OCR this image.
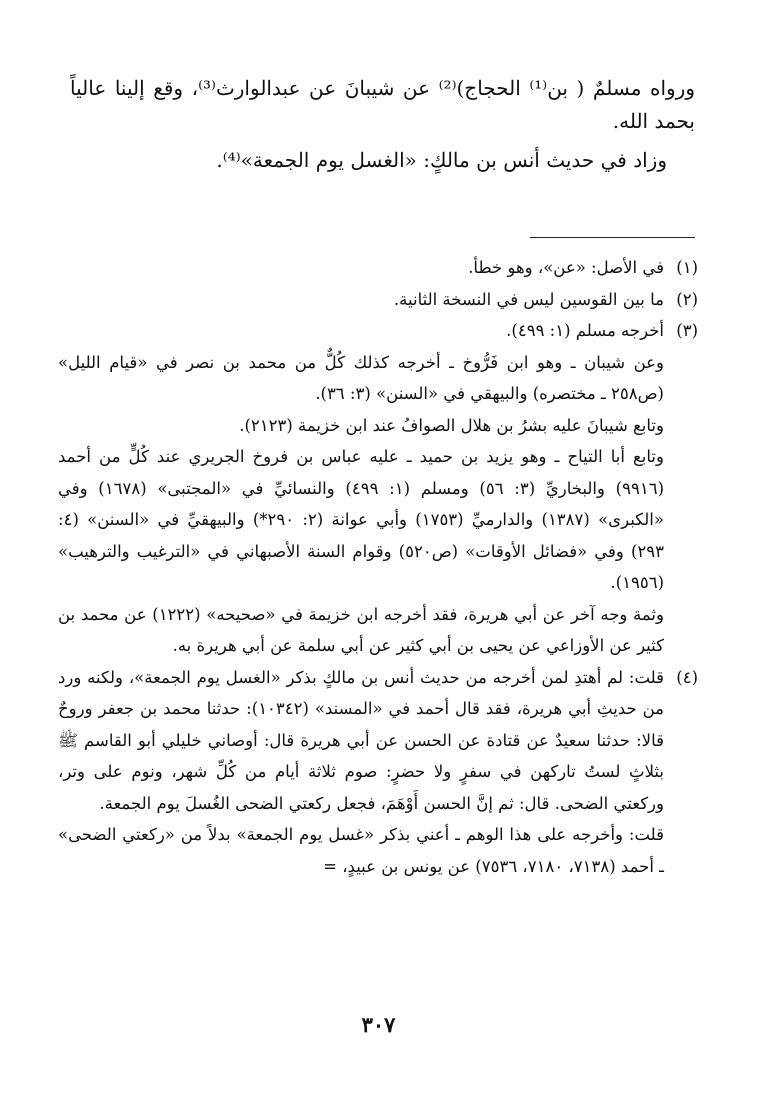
ورواه مسلمٌ ( بن⁽¹⁾ الحجاج)⁽²⁾ عن شيبانَ عن عبدالوارث⁽³⁾، وقع إلينا عالياً بحمد الله.

وزاد في حديث أنس بن مالكٍ: «الغسل يوم الجمعة»⁽⁴⁾.

(١)

في الأصل: «عن»، وهو خطأ.

(٢)

ما بين القوسين ليس في النسخة الثانية.

(٣)

أخرجه مسلم (١: ٤٩٩).

وعن شيبان ـ وهو ابن فَرُّوخ ـ أخرجه كذلك كُلٌّ من محمد بن نصر في «قيام الليل» (ص٢٥٨ ـ مختصره) والبيهقي في «السنن» (٣: ٣٦).

وتابع شيبانَ عليه بشرُ بن هلال الصوافُ عند ابن خزيمة (٢١٢٣).

وتابع أبا التياح ـ وهو يزيد بن حميد ـ عليه عباس بن فروخ الجريري عند كُلٍّ من أحمد (٩٩١٦) والبخاريِّ (٣: ٥٦) ومسلم (١: ٤٩٩) والنسائيِّ في «المجتبى» (١٦٧٨) وفي «الكبرى» (١٣٨٧) والدارميِّ (١٧٥٣) وأبي عوانة (٢: ٢٩٠*) والبيهقيِّ في «السنن» (٤: ٢٩٣) وفي «فضائل الأوقات» (ص٥٢٠) وقوام السنة الأصبهاني في «الترغيب والترهيب» (١٩٥٦).

وثمة وجه آخر عن أبي هريرة، فقد أخرجه ابن خزيمة في «صحيحه» (١٢٢٢) عن محمد بن كثير عن الأوزاعي عن يحيى بن أبي كثير عن أبي سلمة عن أبي هريرة به.

(٤)

قلت: لم أهتدِ لمن أخرجه من حديث أنس بن مالكٍ بذكر «الغسل يوم الجمعة»، ولكنه ورد من حديثِ أبي هريرة، فقد قال أحمد في «المسند» (١٠٣٤٢): حدثنا محمد بن جعفر وروحٌ قالا: حدثنا سعيدٌ عن قتادة عن الحسن عن أبي هريرة قال: أوصاني خليلي أبو القاسم ﷺ بثلاثٍ لستُ تاركهن في سفرٍ ولا حضرٍ: صوم ثلاثة أيام من كُلِّ شهر، ونوم على وتر، وركعتي الضحى. قال: ثم إنَّ الحسن أَوْهَمَ، فجعل ركعتي الضحى الغُسلَ يوم الجمعة.

قلت: وأخرجه على هذا الوهم ـ أعني بذكر «غسل يوم الجمعة» بدلاً من «ركعتي الضحى» ـ أحمد (٧١٣٨، ٧١٨٠، ٧٥٣٦) عن يونس بن عبيدٍ، =

٣٠٧
